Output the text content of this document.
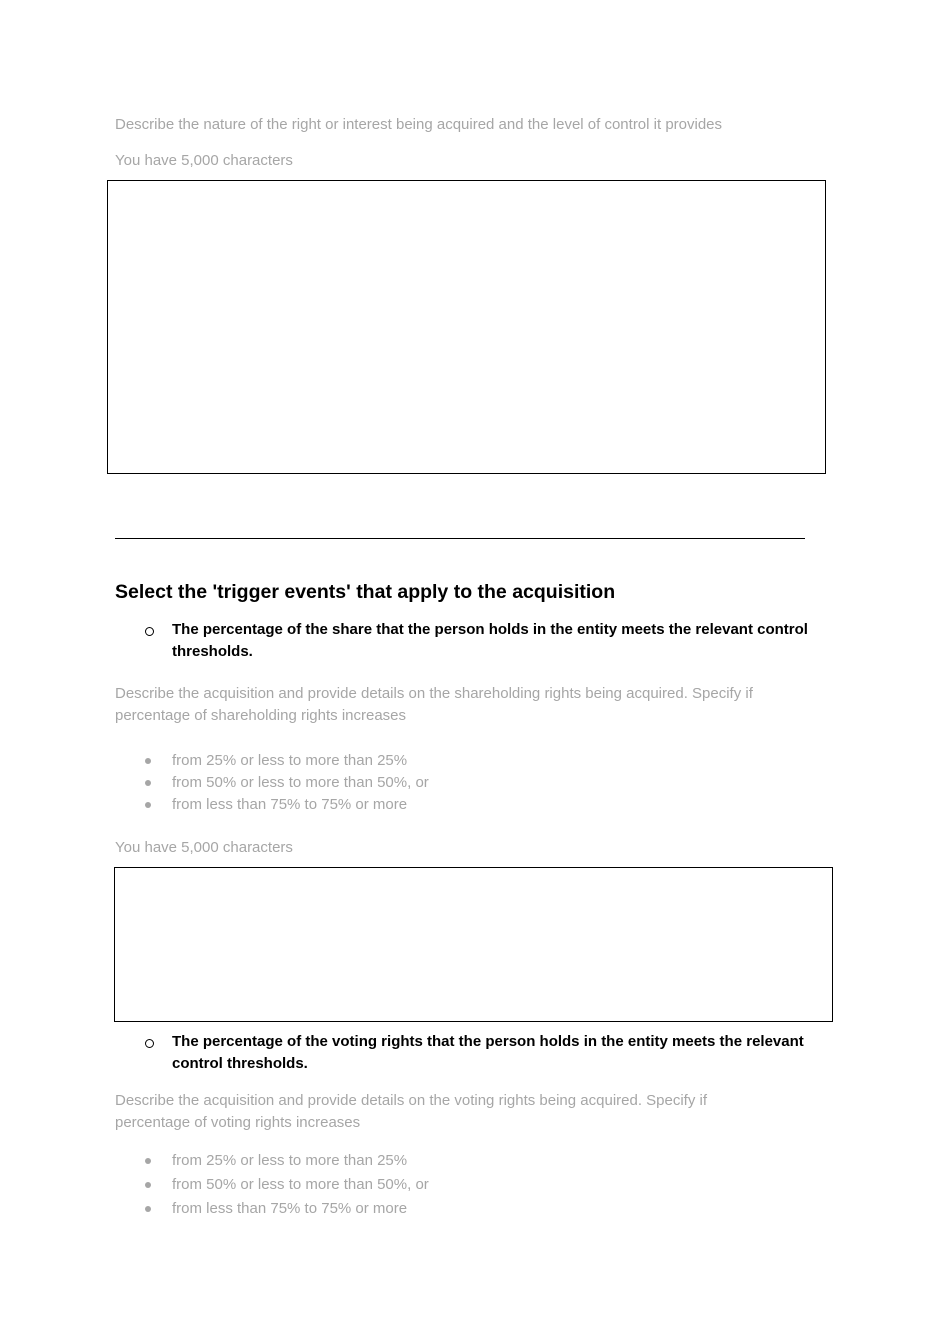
Describe the nature of the right or interest being acquired and the level of control it provides
You have 5,000 characters
Select the 'trigger events' that apply to the acquisition
The percentage of the share that the person holds in the entity meets the relevant control
thresholds.
Describe the acquisition and provide details on the shareholding rights being acquired. Specify if
percentage of shareholding rights increases
from 25% or less to more than 25%
from 50% or less to more than 50%, or
from less than 75% to 75% or more
You have 5,000 characters
The percentage of the voting rights that the person holds in the entity meets the relevant
control thresholds.
Describe the acquisition and provide details on the voting rights being acquired. Specify if
percentage of voting rights increases
from 25% or less to more than 25%
from 50% or less to more than 50%, or
from less than 75% to 75% or more
